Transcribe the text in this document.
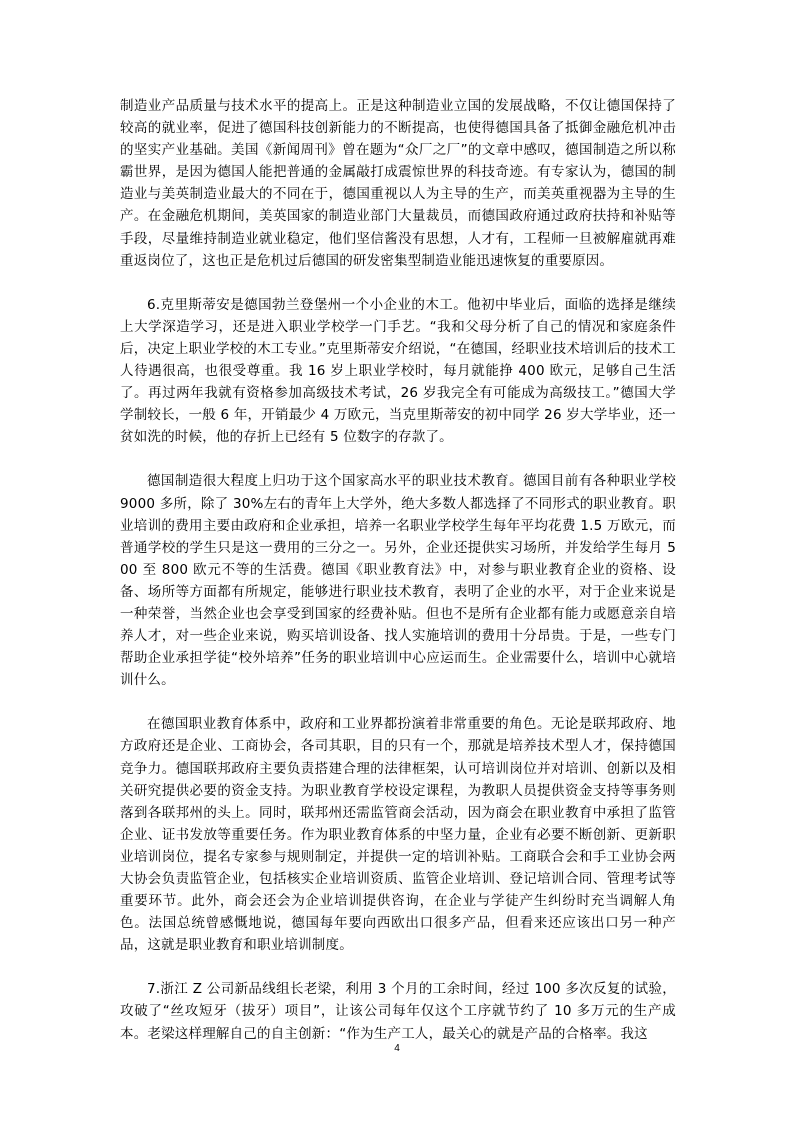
制造业产品质量与技术水平的提高上。正是这种制造业立国的发展战略，不仅让德国保持了较高的就业率，促进了德国科技创新能力的不断提高，也使得德国具备了抵御金融危机冲击的坚实产业基础。美国《新闻周刊》曾在题为“众厂之厂”的文章中感叹，德国制造之所以称霸世界，是因为德国人能把普通的金属敲打成震惊世界的科技奇迹。有专家认为，德国的制造业与美英制造业最大的不同在于，德国重视以人为主导的生产，而美英重视器为主导的生产。在金融危机期间，美英国家的制造业部门大量裁员，而德国政府通过政府扶持和补贴等手段，尽量维持制造业就业稳定，他们坚信酱没有思想，人才有，工程师一旦被解雇就再难重返岗位了，这也正是危机过后德国的研发密集型制造业能迅速恢复的重要原因。

6.克里斯蒂安是德国勃兰登堡州一个小企业的木工。他初中毕业后，面临的选择是继续上大学深造学习，还是进入职业学校学一门手艺。“我和父母分析了自己的情况和家庭条件后，决定上职业学校的木工专业。”克里斯蒂安介绍说，“在德国，经职业技术培训后的技术工人待遇很高，也很受尊重。我 16 岁上职业学校时，每月就能挣 400 欧元，足够自己生活了。再过两年我就有资格参加高级技术考试，26 岁我完全有可能成为高级技工。”德国大学学制较长，一般 6 年，开销最少 4 万欧元，当克里斯蒂安的初中同学 26 岁大学毕业，还一贫如洗的时候，他的存折上已经有 5 位数字的存款了。

德国制造很大程度上归功于这个国家高水平的职业技术教育。德国目前有各种职业学校 9000 多所，除了 30%左右的青年上大学外，绝大多数人都选择了不同形式的职业教育。职业培训的费用主要由政府和企业承担，培养一名职业学校学生每年平均花费 1.5 万欧元，而普通学校的学生只是这一费用的三分之一。另外，企业还提供实习场所，并发给学生每月 500 至 800 欧元不等的生活费。德国《职业教育法》中，对参与职业教育企业的资格、设备、场所等方面都有所规定，能够进行职业技术教育，表明了企业的水平，对于企业来说是一种荣誉，当然企业也会享受到国家的经费补贴。但也不是所有企业都有能力或愿意亲自培养人才，对一些企业来说，购买培训设备、找人实施培训的费用十分昂贵。于是，一些专门帮助企业承担学徒“校外培养”任务的职业培训中心应运而生。企业需要什么，培训中心就培训什么。

在德国职业教育体系中，政府和工业界都扮演着非常重要的角色。无论是联邦政府、地方政府还是企业、工商协会，各司其职，目的只有一个，那就是培养技术型人才，保持德国竞争力。德国联邦政府主要负责搭建合理的法律框架，认可培训岗位并对培训、创新以及相关研究提供必要的资金支持。为职业教育学校设定课程，为教职人员提供资金支持等事务则落到各联邦州的头上。同时，联邦州还需监管商会活动，因为商会在职业教育中承担了监管企业、证书发放等重要任务。作为职业教育体系的中坚力量，企业有必要不断创新、更新职业培训岗位，提名专家参与规则制定，并提供一定的培训补贴。工商联合会和手工业协会两大协会负责监管企业，包括核实企业培训资质、监管企业培训、登记培训合同、管理考试等重要环节。此外，商会还会为企业培训提供咨询，在企业与学徒产生纠纷时充当调解人角色。法国总统曾感慨地说，德国每年要向西欧出口很多产品，但看来还应该出口另一种产品，这就是职业教育和职业培训制度。

7.浙江 Z 公司新品线组长老梁，利用 3 个月的工余时间，经过 100 多次反复的试验，攻破了“丝攻短牙（拔牙）项目”，让该公司每年仅这个工序就节约了 10 多万元的生产成本。老梁这样理解自己的自主创新：“作为生产工人，最关心的就是产品的合格率。我这

4
